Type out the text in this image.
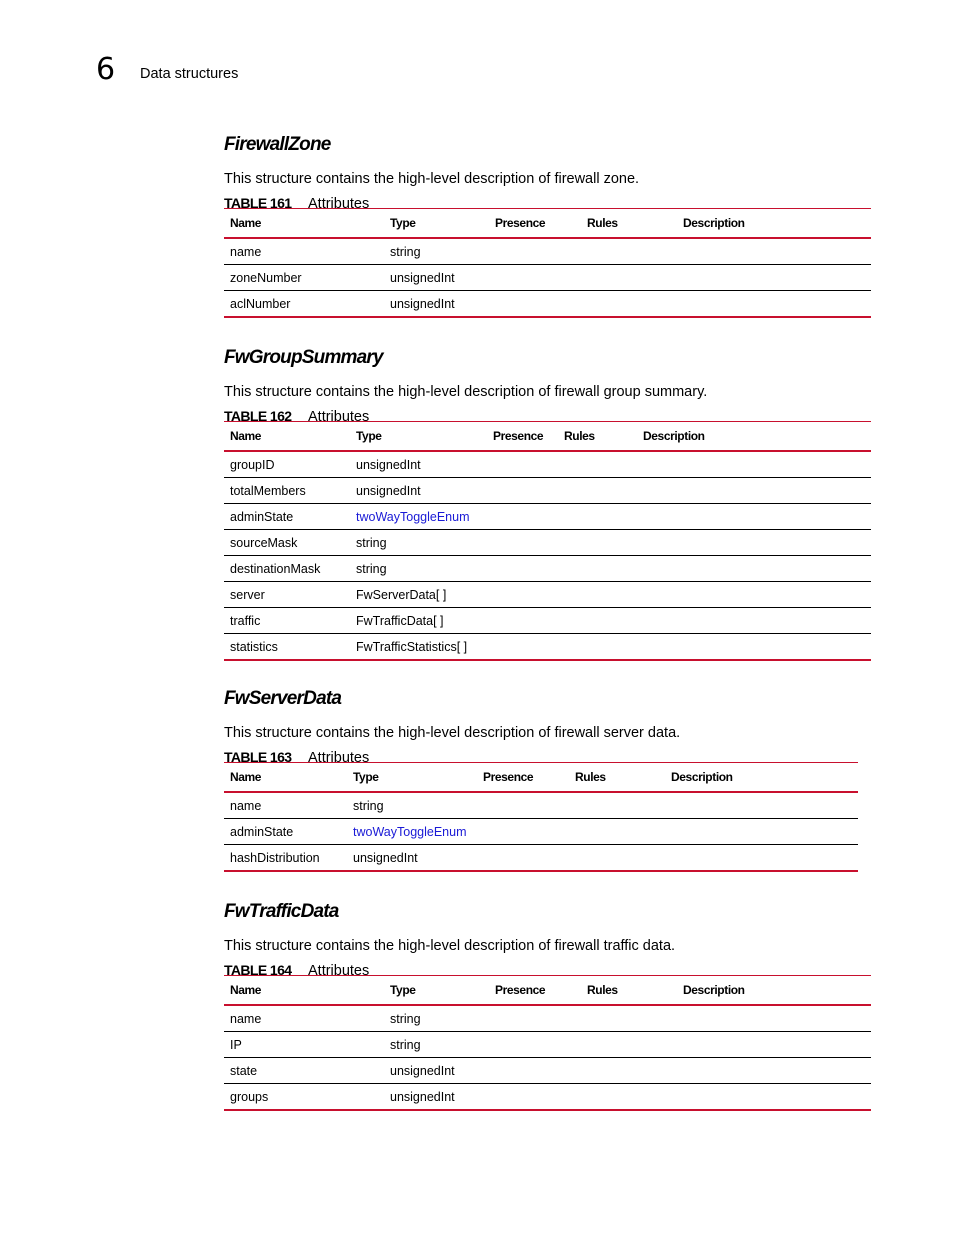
6 Data structures
FirewallZone
This structure contains the high-level description of firewall zone.
TABLE 161 Attributes
Name	Type	Presence	Rules	Description
name	string			
zoneNumber	unsignedInt			
aclNumber	unsignedInt			
FwGroupSummary
This structure contains the high-level description of firewall group summary.
TABLE 162 Attributes
Name	Type	Presence	Rules	Description
groupID	unsignedInt			
totalMembers	unsignedInt			
adminState	twoWayToggleEnum			
sourceMask	string			
destinationMask	string			
server	FwServerData[ ]			
traffic	FwTrafficData[ ]			
statistics	FwTrafficStatistics[ ]			
FwServerData
This structure contains the high-level description of firewall server data.
TABLE 163 Attributes
Name	Type	Presence	Rules	Description
name	string			
adminState	twoWayToggleEnum			
hashDistribution	unsignedInt			
FwTrafficData
This structure contains the high-level description of firewall traffic data.
TABLE 164 Attributes
Name	Type	Presence	Rules	Description
name	string			
IP	string			
state	unsignedInt			
groups	unsignedInt			
